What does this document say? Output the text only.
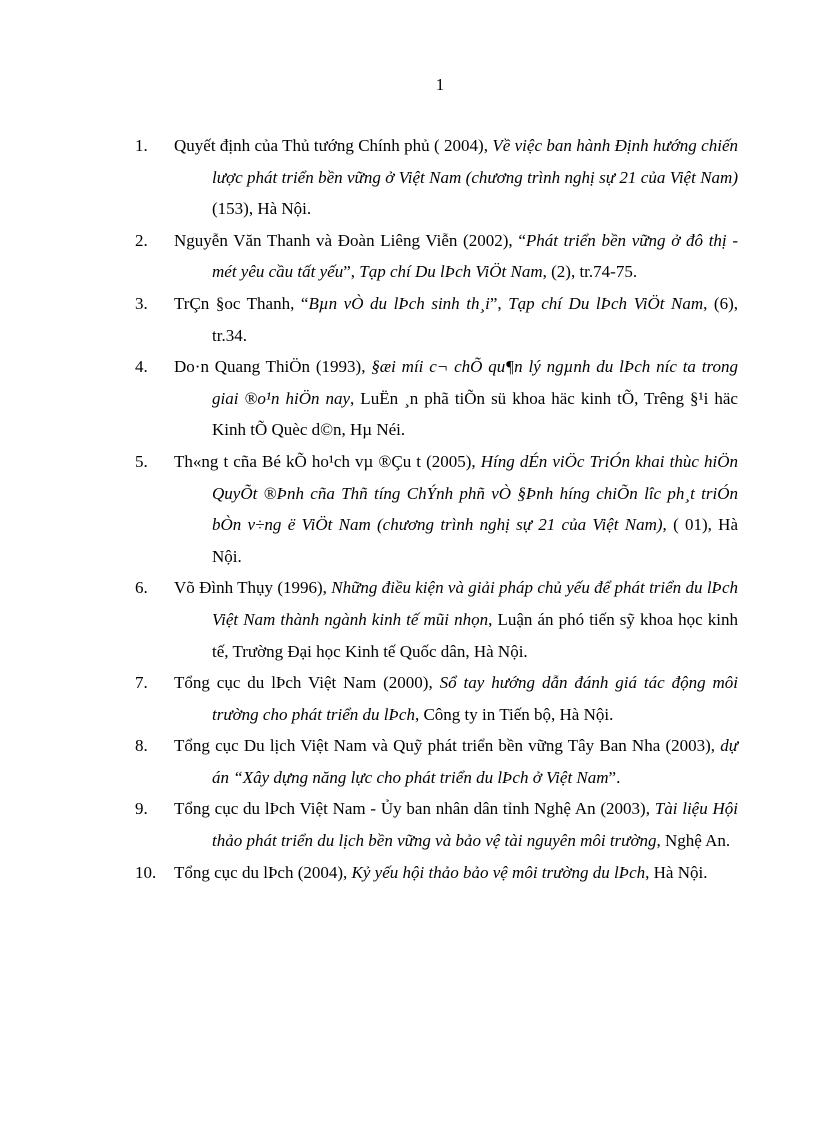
1
1. Quyết định của Thủ tướng Chính phủ ( 2004), Về việc ban hành Định hướng chiến lược phát triển bền vững ở Việt Nam (chương trình nghị sự 21 của Việt Nam) (153), Hà Nội.
2. Nguyễn Văn Thanh và Đoàn Liêng Viễn (2002), “Phát triển bền vững ở đô thị - mét yêu cầu tất yếu”, Tạp chí Du lÞch ViÖt Nam, (2), tr.74-75.
3. TrÇn §oc Thanh, “Bµn vÒ du lÞch sinh th¸i”, Tạp chí Du lÞch ViÖt Nam, (6), tr.34.
4. Do·n Quang ThiÖn (1993), §æi míi c¬ chÕ qu¶n lý ngµnh du lÞch níc ta trong giai ®o¹n hiÖn nay, LuËn ¸n phã tiÕn sü khoa häc kinh tÕ, Trêng §¹i häc Kinh tÕ Quèc d©n, Hµ Néi.
5. Th«ng t cña Bé kÕ ho¹ch vµ ®Çu t (2005), Híng dÉn viÖc TriÓn khai thùc hiÖn QuyÕt ®Þnh cña Thñ tíng ChÝnh phñ vÒ §Þnh híng chiÕn lîc ph¸t triÓn bÒn v÷ng ë ViÖt Nam (chương trình nghị sự 21 của Việt Nam), ( 01), Hà Nội.
6. Võ Đình Thụy (1996), Những điều kiện và giải pháp chủ yếu để phát triển du lÞch Việt Nam thành ngành kinh tế mũi nhọn, Luận án phó tiến sỹ khoa học kinh tế, Trường Đại học Kinh tế Quốc dân, Hà Nội.
7. Tổng cục du lÞch Việt Nam (2000), Sổ tay hướng dẫn đánh giá tác động môi trường cho phát triển du lÞch, Công ty in Tiến bộ, Hà Nội.
8. Tổng cục Du lịch Việt Nam và Quỹ phát triển bền vững Tây Ban Nha (2003), dự án “Xây dựng năng lực cho phát triển du lÞch ở Việt Nam”.
9. Tổng cục du lÞch Việt Nam - Ủy ban nhân dân tỉnh Nghệ An (2003), Tài liệu Hội thảo phát triển du lịch bền vững và bảo vệ tài nguyên môi trường, Nghệ An.
10. Tổng cục du lÞch (2004), Kỷ yếu hội thảo bảo vệ môi trường du lÞch, Hà Nội.
